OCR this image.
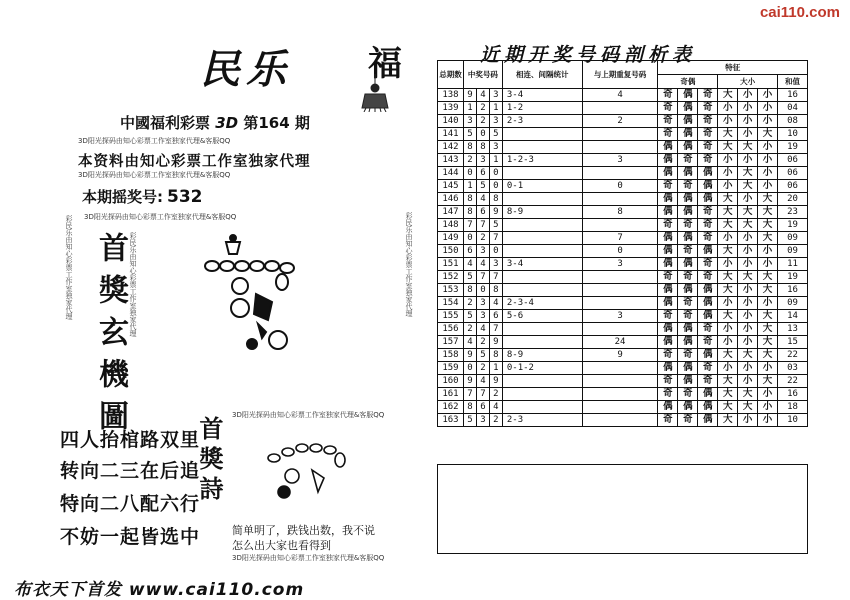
cai110.com
民乐 福
中國福利彩票 3D 第164 期
3D阳光探码由知心彩票工作室独家代理&客服QQ
本资料由知心彩票工作室独家代理
3D阳光探码由知心彩票工作室独家代理&客服QQ
本期摇奖号: 532
3D阳光探码由知心彩票工作室独家代理&客服QQ
彩民乐由知心彩票工作室独家代理	彩民乐由知心彩票工作室独家代理	彩民乐由知心彩票工作室独家代理
首獎玄機圖
四人抬棺路双里
转向二三在后追
特向二八配六行
不妨一起皆选中
首獎詩
3D阳光探码由知心彩票工作室独家代理&客服QQ
简单明了，跌钱出数，我不说
怎么出大家也看得到
3D阳光探码由知心彩票工作室独家代理&客服QQ
布衣天下首发 www.cai110.com
近期开奖号码剖析表
总期数	中奖号码			相连、间隔统计	与上期重复号码	特征						
						奇偶			大小			和值
138	9	4	3	3-4	4	奇	偶	奇	大	小	小	16
139	1	2	1	1-2		奇	偶	奇	小	小	小	04
140	3	2	3	2-3	2	奇	偶	奇	小	小	小	08
141	5	0	5			奇	偶	奇	大	小	大	10
142	8	8	3			偶	偶	奇	大	大	小	19
143	2	3	1	1-2-3	3	偶	奇	奇	小	小	小	06
144	0	6	0			偶	偶	偶	小	大	小	06
145	1	5	0	0-1	0	奇	奇	偶	小	大	小	06
146	8	4	8			偶	偶	偶	大	小	大	20
147	8	6	9	8-9	8	偶	偶	奇	大	大	大	23
148	7	7	5			奇	奇	奇	大	大	大	19
149	0	2	7		7	偶	偶	奇	小	小	大	09
150	6	3	0		0	偶	奇	偶	大	小	小	09
151	4	4	3	3-4	3	偶	偶	奇	小	小	小	11
152	5	7	7			奇	奇	奇	大	大	大	19
153	8	0	8			偶	偶	偶	大	小	大	16
154	2	3	4	2-3-4		偶	奇	偶	小	小	小	09
155	5	3	6	5-6	3	奇	奇	偶	大	小	大	14
156	2	4	7			偶	偶	奇	小	小	大	13
157	4	2	9		24	偶	偶	奇	小	小	大	15
158	9	5	8	8-9	9	奇	奇	偶	大	大	大	22
159	0	2	1	0-1-2		偶	偶	奇	小	小	小	03
160	9	4	9			奇	偶	奇	大	小	大	22
161	7	7	2			奇	奇	偶	大	大	小	16
162	8	6	4			偶	偶	偶	大	大	小	18
163	5	3	2	2-3		奇	奇	偶	大	小	小	10
